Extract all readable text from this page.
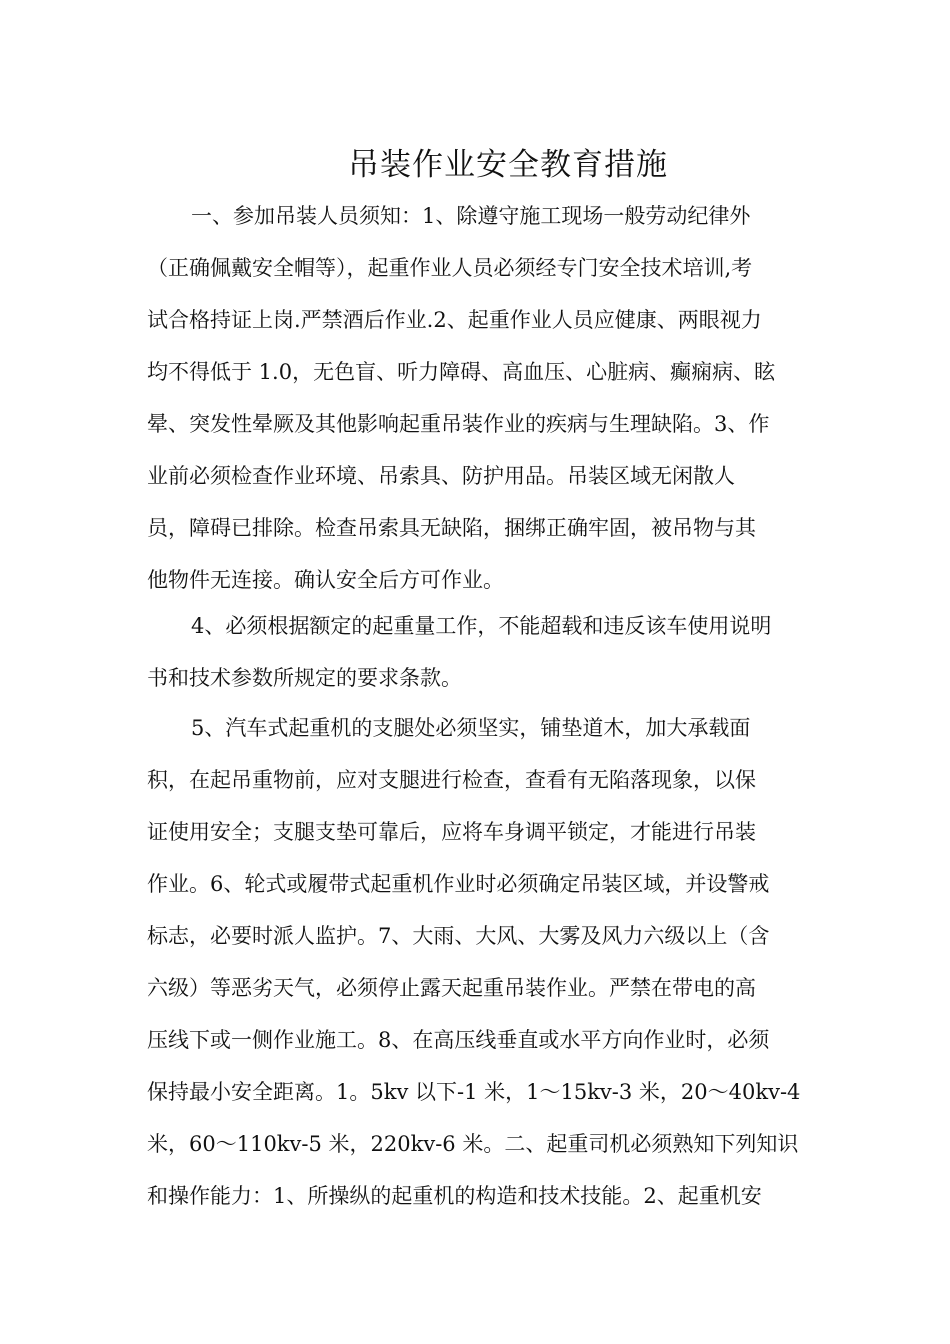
吊装作业安全教育措施
一、参加吊装人员须知：1、除遵守施工现场一般劳动纪律外
（正确佩戴安全帽等），起重作业人员必须经专门安全技术培训,考
试合格持证上岗.严禁酒后作业.2、起重作业人员应健康、两眼视力
均不得低于 1.0，无色盲、听力障碍、高血压、心脏病、癫痫病、眩
晕、突发性晕厥及其他影响起重吊装作业的疾病与生理缺陷。3、作
业前必须检查作业环境、吊索具、防护用品。吊装区域无闲散人
员，障碍已排除。检查吊索具无缺陷，捆绑正确牢固，被吊物与其
他物件无连接。确认安全后方可作业。
4、必须根据额定的起重量工作，不能超载和违反该车使用说明
书和技术参数所规定的要求条款。
5、汽车式起重机的支腿处必须坚实，铺垫道木，加大承载面
积，在起吊重物前，应对支腿进行检查，查看有无陷落现象，以保
证使用安全；支腿支垫可靠后，应将车身调平锁定，才能进行吊装
作业。6、轮式或履带式起重机作业时必须确定吊装区域，并设警戒
标志，必要时派人监护。7、大雨、大风、大雾及风力六级以上（含
六级）等恶劣天气，必须停止露天起重吊装作业。严禁在带电的高
压线下或一侧作业施工。8、在高压线垂直或水平方向作业时，必须
保持最小安全距离。1。5kv 以下-1 米，1～15kv-3 米，20～40kv-4
米，60～110kv-5 米，220kv-6 米。二、起重司机必须熟知下列知识
和操作能力：1、所操纵的起重机的构造和技术技能。2、起重机安
